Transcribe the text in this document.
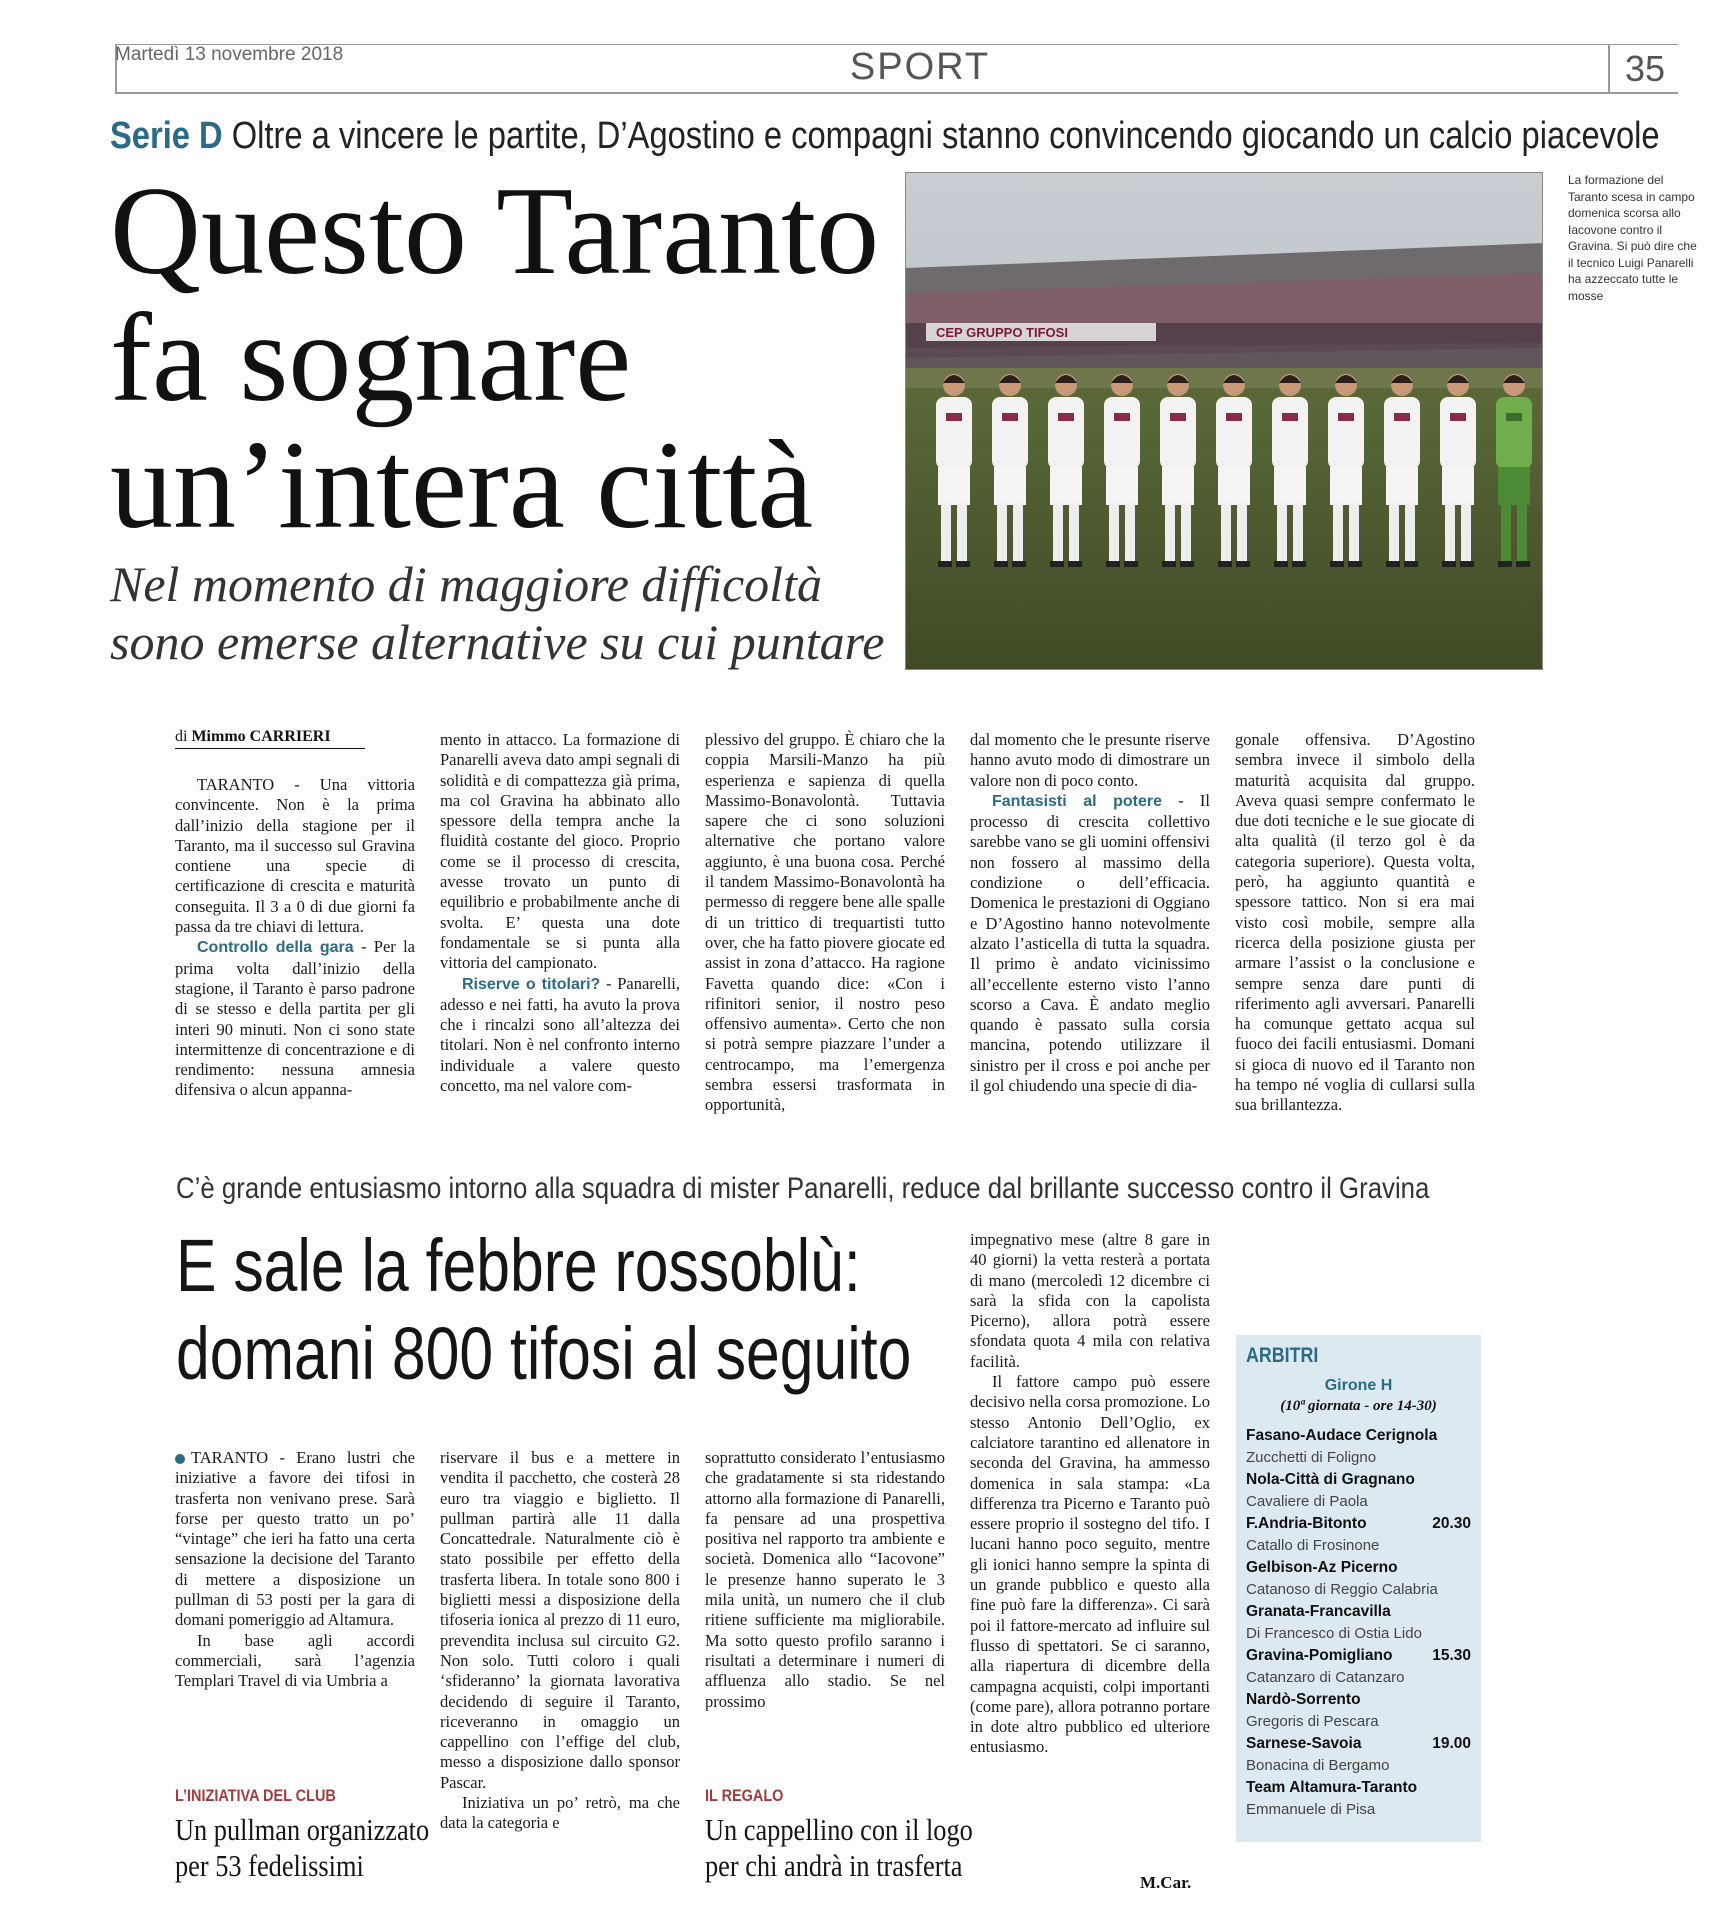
Martedì 13 novembre 2018	SPORT	35
Serie D Oltre a vincere le partite, D’Agostino e compagni stanno convincendo giocando un calcio piacevole
Questo Taranto
fa sognare
un’intera città
Nel momento di maggiore difficoltà
sono emerse alternative su cui puntare
CEP GRUPPO TIFOSI
La formazione del Taranto scesa in campo domenica scorsa allo Iacovone contro il Gravina. Si può dire che il tecnico Luigi Panarelli ha azzeccato tutte le mosse
di Mimmo CARRIERI

TARANTO - Una vittoria convincente. Non è la prima dall’inizio della stagione per il Taranto, ma il successo sul Gravina contiene una specie di certificazione di crescita e maturità conseguita. Il 3 a 0 di due giorni fa passa da tre chiavi di lettura.

Controllo della gara - Per la prima volta dall’inizio della stagione, il Taranto è parso padrone di se stesso e della partita per gli interi 90 minuti. Non ci sono state intermittenze di concentrazione e di rendimento: nessuna amnesia difensiva o alcun appanna-

mento in attacco. La formazione di Panarelli aveva dato ampi segnali di solidità e di compattezza già prima, ma col Gravina ha abbinato allo spessore della tempra anche la fluidità costante del gioco. Proprio come se il processo di crescita, avesse trovato un punto di equilibrio e probabilmente anche di svolta. E’ questa una dote fondamentale se si punta alla vittoria del campionato.

Riserve o titolari? - Panarelli, adesso e nei fatti, ha avuto la prova che i rincalzi sono all’altezza dei titolari. Non è nel confronto interno individuale a valere questo concetto, ma nel valore com-

plessivo del gruppo. È chiaro che la coppia Marsili-Manzo ha più esperienza e sapienza di quella Massimo-Bonavolontà. Tuttavia sapere che ci sono soluzioni alternative che portano valore aggiunto, è una buona cosa. Perché il tandem Massimo-Bonavolontà ha permesso di reggere bene alle spalle di un trittico di trequartisti tutto over, che ha fatto piovere giocate ed assist in zona d’attacco. Ha ragione Favetta quando dice: «Con i rifinitori senior, il nostro peso offensivo aumenta». Certo che non si potrà sempre piazzare l’under a centrocampo, ma l’emergenza sembra essersi trasformata in opportunità,

dal momento che le presunte riserve hanno avuto modo di dimostrare un valore non di poco conto.

Fantasisti al potere - Il processo di crescita collettivo sarebbe vano se gli uomini offensivi non fossero al massimo della condizione o dell’efficacia. Domenica le prestazioni di Oggiano e D’Agostino hanno notevolmente alzato l’asticella di tutta la squadra. Il primo è andato vicinissimo all’eccellente esterno visto l’anno scorso a Cava. È andato meglio quando è passato sulla corsia mancina, potendo utilizzare il sinistro per il cross e poi anche per il gol chiudendo una specie di dia-

gonale offensiva. D’Agostino sembra invece il simbolo della maturità acquisita dal gruppo. Aveva quasi sempre confermato le due doti tecniche e le sue giocate di alta qualità (il terzo gol è da categoria superiore). Questa volta, però, ha aggiunto quantità e spessore tattico. Non si era mai visto così mobile, sempre alla ricerca della posizione giusta per armare l’assist o la conclusione e sempre senza dare punti di riferimento agli avversari. Panarelli ha comunque gettato acqua sul fuoco dei facili entusiasmi. Domani si gioca di nuovo ed il Taranto non ha tempo né voglia di cullarsi sulla sua brillantezza.

C’è grande entusiasmo intorno alla squadra di mister Panarelli, reduce dal brillante successo contro il Gravina
E sale la febbre rossoblù:
domani 800 tifosi al seguito

TARANTO - Erano lustri che iniziative a favore dei tifosi in trasferta non venivano prese. Sarà forse per questo tratto un po’ “vintage” che ieri ha fatto una certa sensazione la decisione del Taranto di mettere a disposizione un pullman di 53 posti per la gara di domani pomeriggio ad Altamura.

In base agli accordi commerciali, sarà l’agenzia Templari Travel di via Umbria a

L’INIZIATIVA DEL CLUB
Un pullman organizzato
per 53 fedelissimi

riservare il bus e a mettere in vendita il pacchetto, che costerà 28 euro tra viaggio e biglietto. Il pullman partirà alle 11 dalla Concattedrale. Naturalmente ciò è stato possibile per effetto della trasferta libera. In totale sono 800 i biglietti messi a disposizione della tifoseria ionica al prezzo di 11 euro, prevendita inclusa sul circuito G2. Non solo. Tutti coloro i quali ‘sfideranno’ la giornata lavorativa decidendo di seguire il Taranto, riceveranno in omaggio un cappellino con l’effige del club, messo a disposizione dallo sponsor Pascar.

Iniziativa un po’ retrò, ma che data la categoria e

soprattutto considerato l’entusiasmo che gradatamente si sta ridestando attorno alla formazione di Panarelli, fa pensare ad una prospettiva positiva nel rapporto tra ambiente e società. Domenica allo “Iacovone” le presenze hanno superato le 3 mila unità, un numero che il club ritiene sufficiente ma migliorabile. Ma sotto questo profilo saranno i risultati a determinare i numeri di affluenza allo stadio. Se nel prossimo

IL REGALO
Un cappellino con il logo
per chi andrà in trasferta

impegnativo mese (altre 8 gare in 40 giorni) la vetta resterà a portata di mano (mercoledì 12 dicembre ci sarà la sfida con la capolista Picerno), allora potrà essere sfondata quota 4 mila con relativa facilità.

Il fattore campo può essere decisivo nella corsa promozione. Lo stesso Antonio Dell’Oglio, ex calciatore tarantino ed allenatore in seconda del Gravina, ha ammesso domenica in sala stampa: «La differenza tra Picerno e Taranto può essere proprio il sostegno del tifo. I lucani hanno poco seguito, mentre gli ionici hanno sempre la spinta di un grande pubblico e questo alla fine può fare la differenza». Ci sarà poi il fattore-mercato ad influire sul flusso di spettatori. Se ci saranno, alla riapertura di dicembre della campagna acquisti, colpi importanti (come pare), allora potranno portare in dote altro pubblico ed ulteriore entusiasmo.

M.Car.
ARBITRI
Girone H
(10ª giornata - ore 14-30)
Fasano-Audace Cerignola
Zucchetti di Foligno
Nola-Città di Gragnano
Cavaliere di Paola
F.Andria-Bitonto	20.30
Catallo di Frosinone
Gelbison-Az Picerno
Catanoso di Reggio Calabria
Granata-Francavilla
Di Francesco di Ostia Lido
Gravina-Pomigliano	15.30
Catanzaro di Catanzaro
Nardò-Sorrento
Gregoris di Pescara
Sarnese-Savoia	19.00
Bonacina di Bergamo
Team Altamura-Taranto
Emmanuele di Pisa
